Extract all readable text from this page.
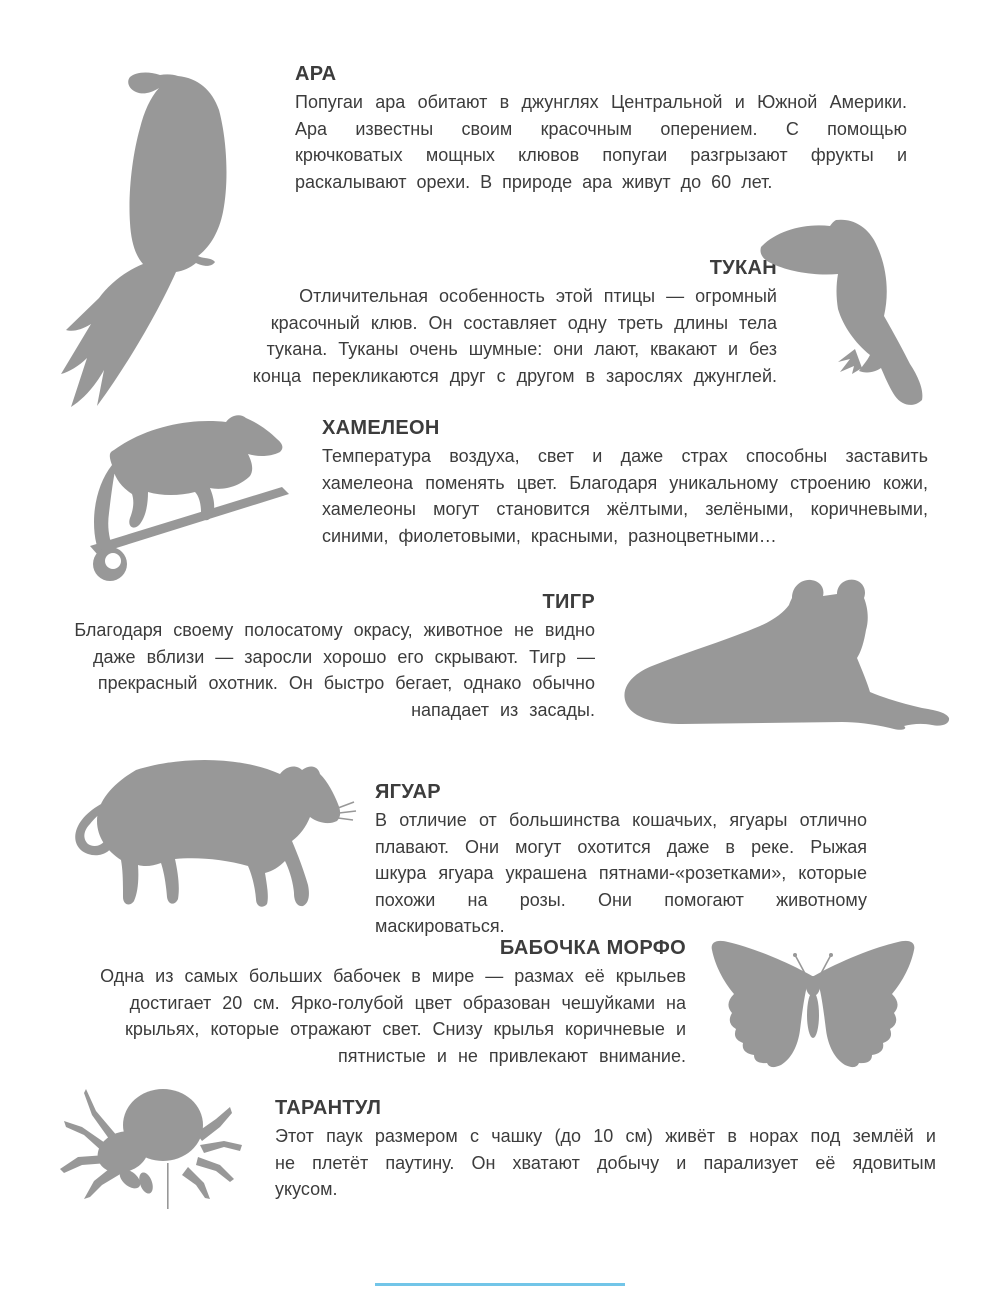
АРА
Попугаи ара обитают в джунглях Центральной и Южной Америки. Ара известны своим красочным оперением. С помощью крючковатых мощных клювов попугаи разгрызают фрукты и раскалывают орехи. В природе ара живут до 60 лет.
ТУКАН
Отличительная особенность этой птицы — огромный красочный клюв. Он составляет одну треть длины тела тукана. Туканы очень шумные: они лают, квакают и без конца перекликаются друг с другом в зарослях джунглей.
ХАМЕЛЕОН
Температура воздуха, свет и даже страх способны заставить хамелеона поменять цвет. Благодаря уникальному строению кожи, хамелеоны могут становится жёлтыми, зелёными, коричневыми, синими, фиолетовыми, красными, разноцветными…
ТИГР
Благодаря своему полосатому окрасу, животное не видно даже вблизи — заросли хорошо его скрывают. Тигр — прекрасный охотник. Он быстро бегает, однако обычно нападает из засады.
ЯГУАР
В отличие от большинства кошачьих, ягуары отлично плавают. Они могут охотится даже в реке. Рыжая шкура ягуара украшена пятнами-«розетками», которые похожи на розы. Они помогают животному маскироваться.
БАБОЧКА МОРФО
Одна из самых больших бабочек в мире — размах её крыльев достигает 20 см. Ярко-голубой цвет образован чешуйками на крыльях, которые отражают свет. Снизу крылья коричневые и пятнистые и не привлекают внимание.
ТАРАНТУЛ
Этот паук размером с чашку (до 10 см) живёт в норах под землёй и не плетёт паутину. Он хватают добычу и парализует её ядовитым укусом.
